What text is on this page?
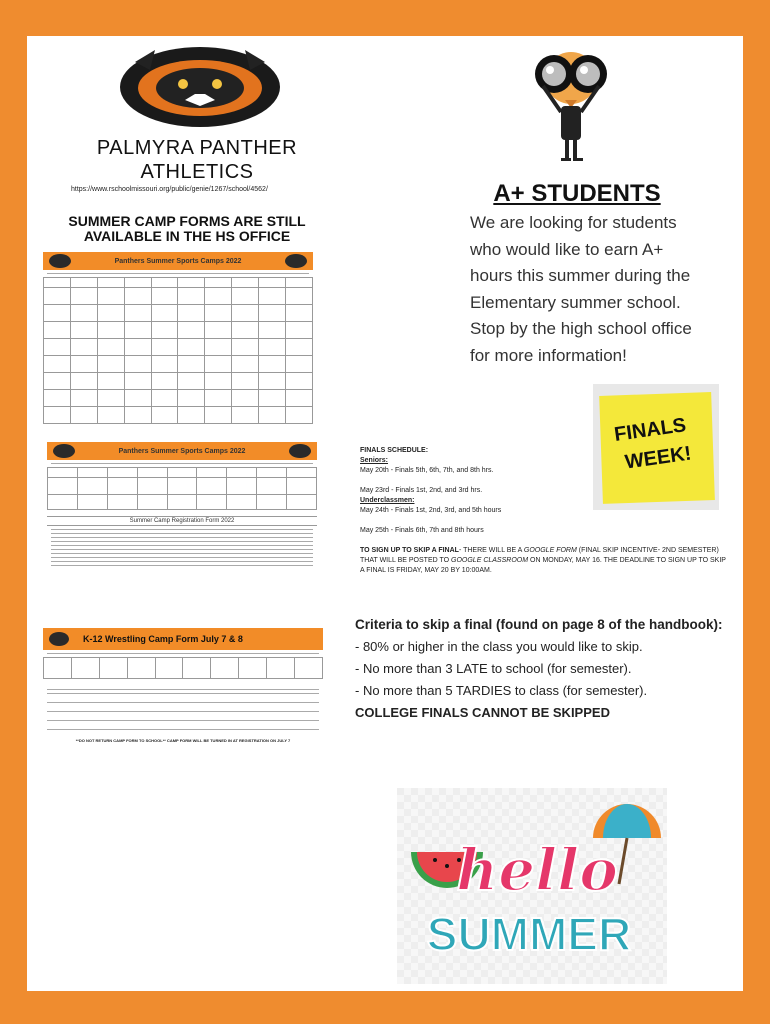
PALMYRA PANTHER
ATHLETICS
https://www.rschoolmissouri.org/public/genie/1267/school/4562/
SUMMER CAMP FORMS ARE STILL
AVAILABLE IN THE HS OFFICE
Panthers Summer Sports Camps 2022

Panthers Summer Sports Camps 2022

Summer Camp Registration Form 2022
K-12 Wrestling Camp Form July 7 & 8

**DO NOT RETURN CAMP FORM TO SCHOOL** CAMP FORM WILL BE TURNED IN AT REGISTRATION ON JULY 7
A+ STUDENTS
We are looking for students
who would like to earn A+
hours this summer during the
Elementary summer school.
Stop by the high school office
for more information!
FINALS
WEEK!

FINALS SCHEDULE:

Seniors:

May 20th - Finals 5th, 6th, 7th, and 8th hrs.

May 23rd - Finals 1st, 2nd, and 3rd hrs.

Underclassmen:

May 24th - Finals 1st, 2nd, 3rd, and 5th hours

May 25th - Finals 6th, 7th and 8th hours

TO SIGN UP TO SKIP A FINAL- THERE WILL BE A GOOGLE FORM (FINAL SKIP INCENTIVE- 2ND SEMESTER) THAT WILL BE POSTED TO GOOGLE CLASSROOM ON MONDAY, MAY 16. THE DEADLINE TO SIGN UP TO SKIP A FINAL IS FRIDAY, MAY 20 BY 10:00AM.

Criteria to skip a final (found on page 8 of the handbook):
- 80% or higher in the class you would like to skip.
- No more than 3 LATE to school (for semester).
- No more than 5 TARDIES to class (for semester).
COLLEGE FINALS CANNOT BE SKIPPED
hello
SUMMER
